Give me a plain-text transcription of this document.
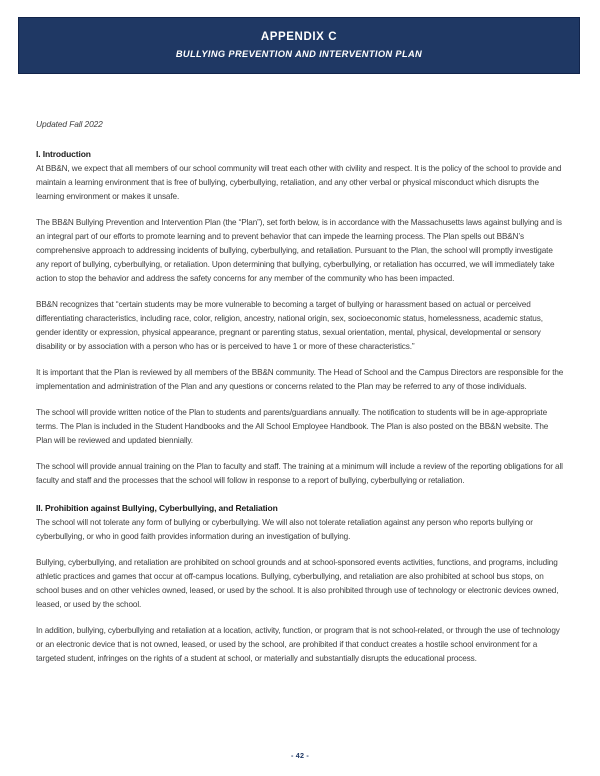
APPENDIX C
BULLYING PREVENTION AND INTERVENTION PLAN
Updated Fall 2022
I. Introduction

At BB&N, we expect that all members of our school community will treat each other with civility and respect. It is the policy of the school to provide and maintain a learning environment that is free of bullying, cyberbullying, retaliation, and any other verbal or physical misconduct which disrupts the learning environment or makes it unsafe.

The BB&N Bullying Prevention and Intervention Plan (the “Plan”), set forth below, is in accordance with the Massachusetts laws against bullying and is an integral part of our efforts to promote learning and to prevent behavior that can impede the learning process. The Plan spells out BB&N’s comprehensive approach to addressing incidents of bullying, cyberbullying, and retaliation. Pursuant to the Plan, the school will promptly investigate any report of bullying, cyberbullying, or retaliation. Upon determining that bullying, cyberbullying, or retaliation has occurred, we will immediately take action to stop the behavior and address the safety concerns for any member of the community who has been impacted.

BB&N recognizes that “certain students may be more vulnerable to becoming a target of bullying or harassment based on actual or perceived differentiating characteristics, including race, color, religion, ancestry, national origin, sex, socioeconomic status, homelessness, academic status, gender identity or expression, physical appearance, pregnant or parenting status, sexual orientation, mental, physical, developmental or sensory disability or by association with a person who has or is perceived to have 1 or more of these characteristics.”

It is important that the Plan is reviewed by all members of the BB&N community. The Head of School and the Campus Directors are responsible for the implementation and administration of the Plan and any questions or concerns related to the Plan may be referred to any of those individuals.

The school will provide written notice of the Plan to students and parents/guardians annually. The notification to students will be in age-appropriate terms. The Plan is included in the Student Handbooks and the All School Employee Handbook. The Plan is also posted on the BB&N website. The Plan will be reviewed and updated biennially.

The school will provide annual training on the Plan to faculty and staff. The training at a minimum will include a review of the reporting obligations for all faculty and staff and the processes that the school will follow in response to a report of bullying, cyberbullying or retaliation.

II. Prohibition against Bullying, Cyberbullying, and Retaliation

The school will not tolerate any form of bullying or cyberbullying. We will also not tolerate retaliation against any person who reports bullying or cyberbullying, or who in good faith provides information during an investigation of bullying.

Bullying, cyberbullying, and retaliation are prohibited on school grounds and at school-sponsored events activities, functions, and programs, including athletic practices and games that occur at off-campus locations. Bullying, cyberbullying, and retaliation are also prohibited at school bus stops, on school buses and on other vehicles owned, leased, or used by the school. It is also prohibited through use of technology or electronic devices owned, leased, or used by the school.

In addition, bullying, cyberbullying and retaliation at a location, activity, function, or program that is not school-related, or through the use of technology or an electronic device that is not owned, leased, or used by the school, are prohibited if that conduct creates a hostile school environment for a targeted student, infringes on the rights of a student at school, or materially and substantially disrupts the educational process.

- 42 -
